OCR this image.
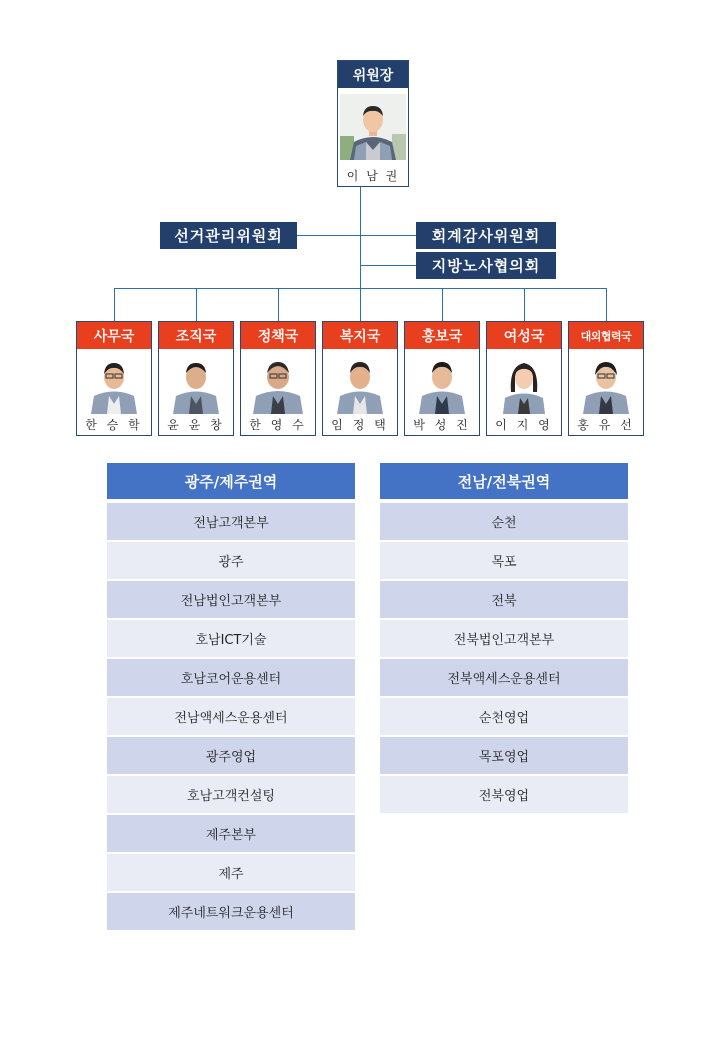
위원장
이 남 권
선거관리위원회	회계감사위원회
지방노사협의회
사무국
한 승 학
조직국
윤 윤 창
정책국
한 영 수
복지국
임 정 택
홍보국
박 성 진
여성국
이 지 영
대외협력국
홍 유 선
광주/제주권역
전남고객본부
광주
전남법인고객본부
호남ICT기술
호남코어운용센터
전남액세스운용센터
광주영업
호남고객컨설팅
제주본부
제주
제주네트워크운용센터
전남/전북권역
순천
목포
전북
전북법인고객본부
전북액세스운용센터
순천영업
목포영업
전북영업
